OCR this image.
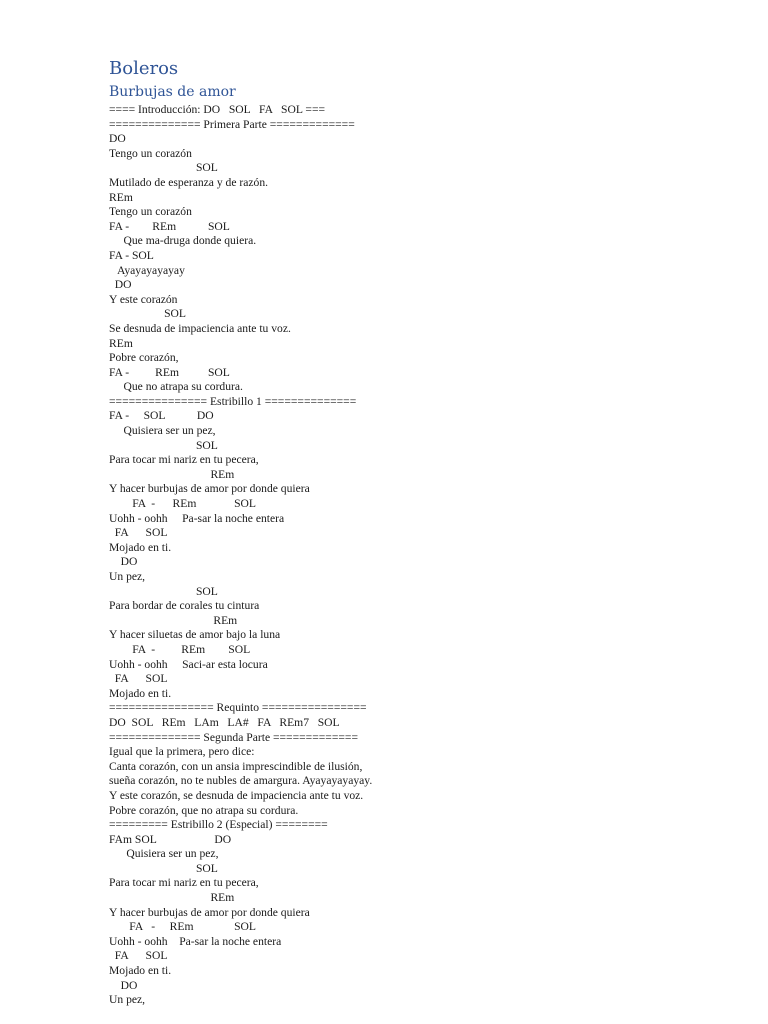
Boleros
Burbujas de amor
==== Introducción: DO   SOL   FA   SOL ===
============== Primera Parte =============
DO
Tengo un corazón
SOL
Mutilado de esperanza y de razón.
REm
Tengo un corazón
FA -        REm           SOL
Que ma-druga donde quiera.
FA - SOL
Ayayayayayay
DO
Y este corazón
SOL
Se desnuda de impaciencia ante tu voz.
REm
Pobre corazón,
FA -         REm          SOL
Que no atrapa su cordura.
=============== Estribillo 1 ==============
FA -     SOL           DO
Quisiera ser un pez,
SOL
Para tocar mi nariz en tu pecera,
REm
Y hacer burbujas de amor por donde quiera
FA  -      REm             SOL
Uohh - oohh     Pa-sar la noche entera
FA      SOL
Mojado en ti.
DO
Un pez,
SOL
Para bordar de corales tu cintura
REm
Y hacer siluetas de amor bajo la luna
FA  -         REm        SOL
Uohh - oohh     Saci-ar esta locura
FA      SOL
Mojado en ti.
================ Requinto ================
DO  SOL   REm   LAm   LA#   FA   REm7   SOL
============== Segunda Parte =============
Igual que la primera, pero dice:
Canta corazón, con un ansia imprescindible de ilusión,
sueña corazón, no te nubles de amargura. Ayayayayayay.
Y este corazón, se desnuda de impaciencia ante tu voz.
Pobre corazón, que no atrapa su cordura.
========= Estribillo 2 (Especial) ========
FAm SOL                    DO
Quisiera ser un pez,
SOL
Para tocar mi nariz en tu pecera,
REm
Y hacer burbujas de amor por donde quiera
FA   -     REm              SOL
Uohh - oohh    Pa-sar la noche entera
FA      SOL
Mojado en ti.
DO
Un pez,
